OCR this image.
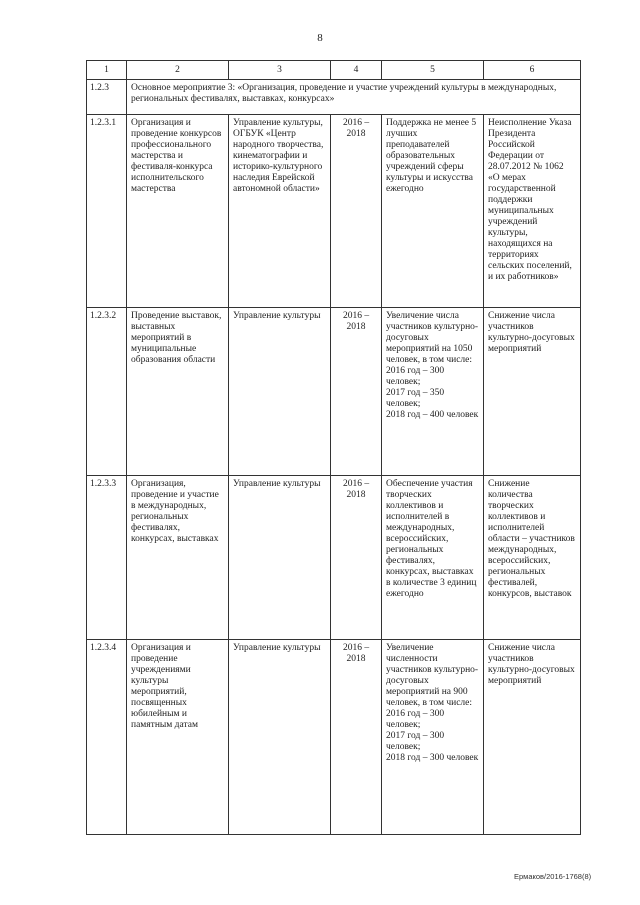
8
1	2	3	4	5	6
1.2.3	Основное мероприятие 3: «Организация, проведение и участие учреждений культуры в международных, региональных фестивалях, выставках, конкурсах»				
1.2.3.1	Организация и проведение конкурсов профессионального мастерства и фестиваля-конкурса исполнительского мастерства	Управление культуры, ОГБУК «Центр народного творчества, кинематографии и историко-культурного наследия Еврейской автономной области»	2016 – 2018	Поддержка не менее 5 лучших преподавателей образовательных учреждений сферы культуры и искусства ежегодно	Неисполнение Указа Президента Российской Федерации от 28.07.2012 № 1062 «О мерах государственной поддержки муниципальных учреждений культуры, находящихся на территориях сельских поселений, и их работников»
1.2.3.2	Проведение выставок, выставных мероприятий в муниципальные образования области	Управление культуры	2016 – 2018	Увеличение числа участников культурно-досуговых мероприятий на 1050 человек, в том числе:
2016 год – 300 человек;
2017 год – 350 человек;
2018 год – 400 человек	Снижение числа участников культурно-досуговых мероприятий
1.2.3.3	Организация, проведение и участие в международных, региональных фестивалях, конкурсах, выставках	Управление культуры	2016 – 2018	Обеспечение участия творческих коллективов и исполнителей в международных, всероссийских, региональных фестивалях, конкурсах, выставках в количестве 3 единиц ежегодно	Снижение количества творческих коллективов и исполнителей области – участников международных, всероссийских, региональных фестивалей, конкурсов, выставок
1.2.3.4	Организация и проведение учреждениями культуры мероприятий, посвященных юбилейным и памятным датам	Управление культуры	2016 – 2018	Увеличение численности участников культурно-досуговых мероприятий на 900 человек, в том числе:
2016 год – 300 человек;
2017 год – 300 человек;
2018 год – 300 человек	Снижение числа участников культурно-досуговых мероприятий
Ермаков/2016-1768(8)
